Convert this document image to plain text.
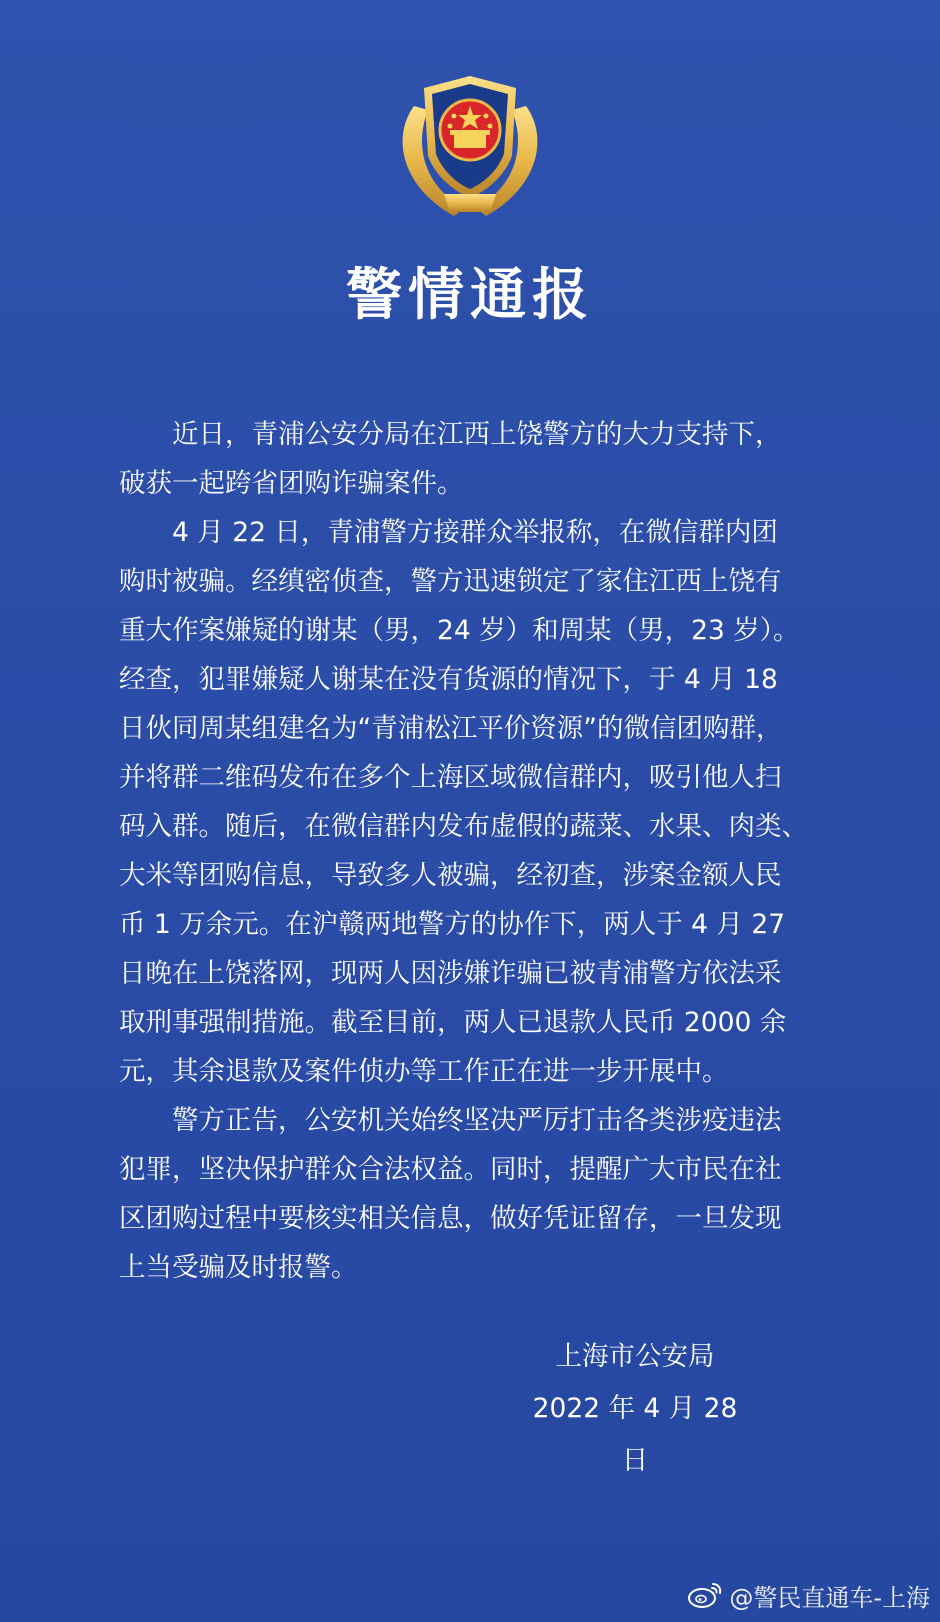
警情通报

近日，青浦公安分局在江西上饶警方的大力支持下，
破获一起跨省团购诈骗案件。

4 月 22 日，青浦警方接群众举报称，在微信群内团
购时被骗。经缜密侦查，警方迅速锁定了家住江西上饶有
重大作案嫌疑的谢某（男，24 岁）和周某（男，23 岁）。
经查，犯罪嫌疑人谢某在没有货源的情况下，于 4 月 18
日伙同周某组建名为“青浦松江平价资源”的微信团购群，
并将群二维码发布在多个上海区域微信群内，吸引他人扫
码入群。随后，在微信群内发布虚假的蔬菜、水果、肉类、
大米等团购信息，导致多人被骗，经初查，涉案金额人民
币 1 万余元。在沪赣两地警方的协作下，两人于 4 月 27
日晚在上饶落网，现两人因涉嫌诈骗已被青浦警方依法采
取刑事强制措施。截至目前，两人已退款人民币 2000 余
元，其余退款及案件侦办等工作正在进一步开展中。

警方正告，公安机关始终坚决严厉打击各类涉疫违法
犯罪，坚决保护群众合法权益。同时，提醒广大市民在社
区团购过程中要核实相关信息，做好凭证留存，一旦发现
上当受骗及时报警。

上海市公安局
2022 年 4 月 28 日
@警民直通车-上海
